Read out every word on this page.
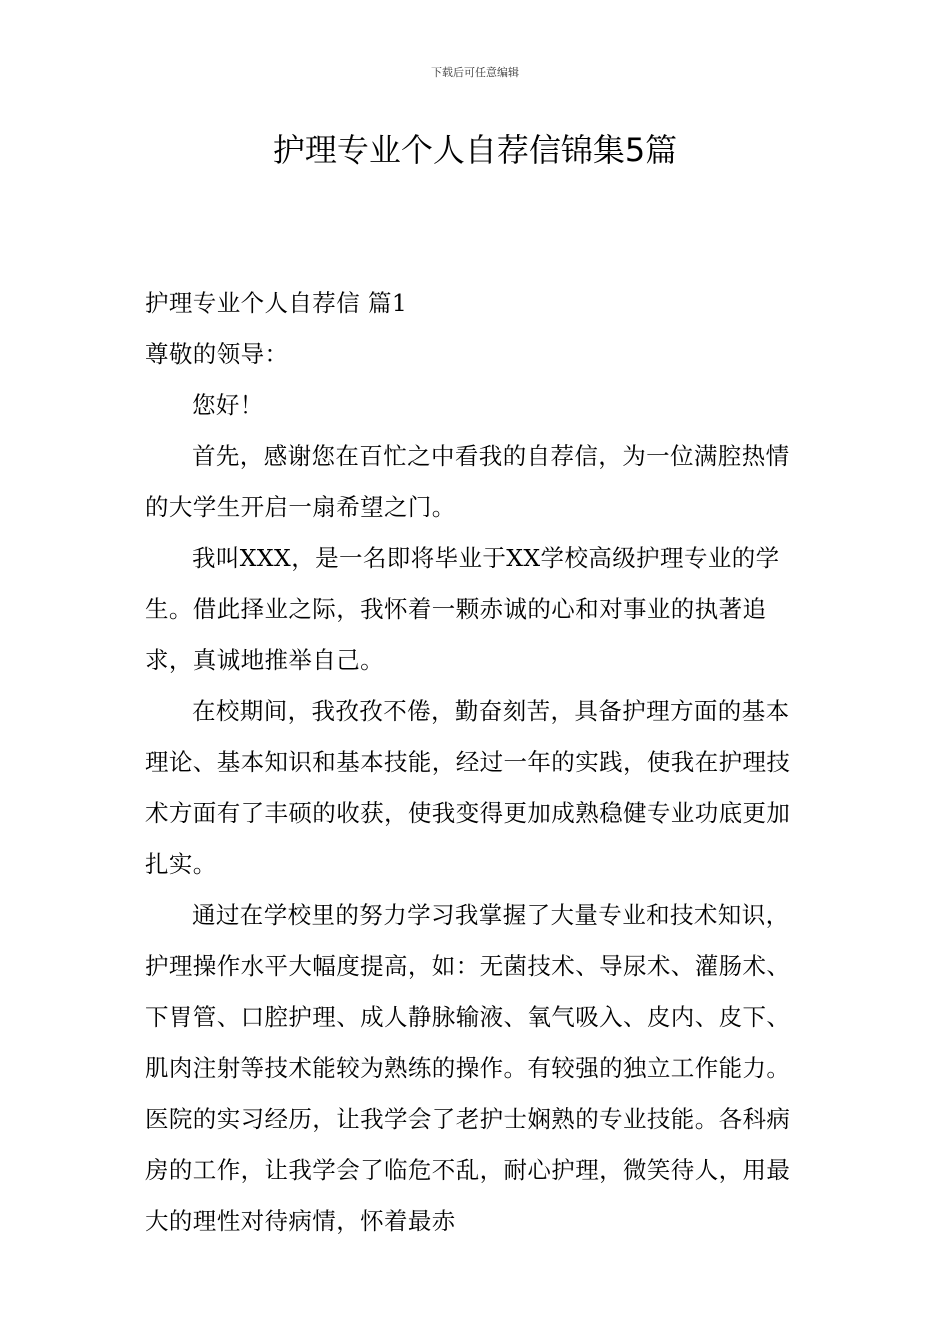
下载后可任意编辑
护理专业个人自荐信锦集5篇

护理专业个人自荐信 篇1

尊敬的领导：

您好！

首先，感谢您在百忙之中看我的自荐信，为一位满腔热情的大学生开启一扇希望之门。

我叫XXX，是一名即将毕业于XX学校高级护理专业的学生。借此择业之际，我怀着一颗赤诚的心和对事业的执著追求，真诚地推举自己。

在校期间，我孜孜不倦，勤奋刻苦，具备护理方面的基本理论、基本知识和基本技能，经过一年的实践，使我在护理技术方面有了丰硕的收获，使我变得更加成熟稳健专业功底更加扎实。

通过在学校里的努力学习我掌握了大量专业和技术知识，护理操作水平大幅度提高，如：无菌技术、导尿术、灌肠术、下胃管、口腔护理、成人静脉输液、氧气吸入、皮内、皮下、肌肉注射等技术能较为熟练的操作。有较强的独立工作能力。医院的实习经历，让我学会了老护士娴熟的专业技能。各科病房的工作，让我学会了临危不乱，耐心护理，微笑待人，用最大的理性对待病情，怀着最赤
